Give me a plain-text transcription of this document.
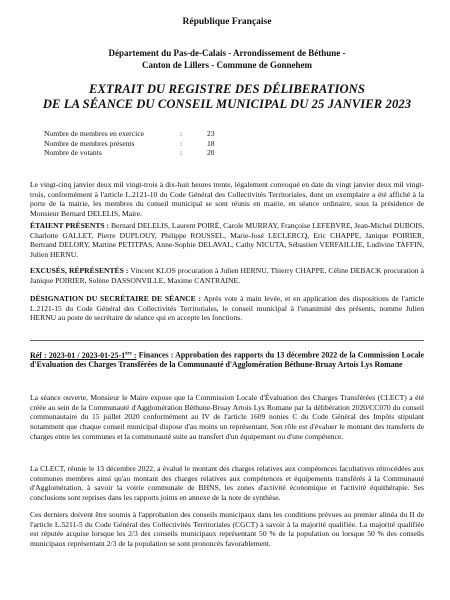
République Française
Département du Pas-de-Calais - Arrondissement de Béthune -
Canton de Lillers - Commune de Gonnehem
EXTRAIT DU REGISTRE DES DÉLIBERATIONS
DE LA SÉANCE DU CONSEIL MUNICIPAL DU 25 JANVIER 2023
Nombre de membres en exercice	:	23
Nombre de membres présents	:	18
Nombre de votants	:	20
Le vingt-cinq janvier deux mil vingt-trois à dix-huit heures trente, légalement convoqué en date du vingt janvier deux mil vingt-trois, conformément à l'article L.2121-10 du Code Général des Collectivités Territoriales, dont un exemplaire a été affiché à la porte de la mairie, les membres du conseil municipal se sont réunis en mairie, en séance ordinaire, sous la présidence de Monsieur Bernard DELELIS, Maire.
ÉTAIENT PRÉSENTS : Bernard DELELIS, Laurent POIRÉ, Carole MURRAY, Françoise LEFEBVRE, Jean-Michel DUBOIS, Charlotte GALLET, Pierre DUPLOUY, Philippe ROUSSEL, Marie-José LECLERCQ, Eric CHAPPE, Janique POIRIER, Bertrand DELORY, Martine PETITPAS, Anne-Sophie DELAVAL, Cathy NICUTA, Sébastien VERFAILLIE, Ludivine TAFFIN, Julien HERNU.
EXCUSÉS, RÉPRÉSENTÉS : Vincent KLOS procuration à Julien HERNU, Thierry CHAPPE, Céline DEBACK procuration à Janique POIRIER, Solène DASSONVILLE, Maxime CANTRAINE.
DÉSIGNATION DU SECRÉTAIRE DE SÉANCE : Après vote à main levée, et en application des dispositions de l'article L.2121-15 du Code Général des Collectivités Territoriales, le conseil municipal à l'unanimité des présents, nomme Julien HERNU au poste de secrétaire de séance qui en accepte les fonctions.
Réf : 2023-01 / 2023-01-25-1ère : Finances : Approbation des rapports du 13 décembre 2022 de la Commission Locale d'Evaluation des Charges Transférées de la Communauté d'Agglomération Béthune-Bruay Artois Lys Romane
La séance ouverte, Monsieur le Maire expose que la Commission Locale d'Évaluation des Charges Transférées (CLECT) a été créée au sein de la Communauté d'Agglomération Béthune-Bruay Artois Lys Romane par la délibération 2020/CC070 du conseil communautaire du 15 juillet 2020 conformément au IV de l'article 1609 nonies C du Code Général des Impôts stipulant notamment que chaque conseil municipal dispose d'au moins un représentant. Son rôle est d'évaluer le montant des transferts de charges entre les communes et la communauté suite au transfert d'un équipement ou d'une compétence.
La CLECT, réunie le 13 décembre 2022, a évalué le montant des charges relatives aux compétences facultatives rétrocédées aux communes membres ainsi qu'au montant des charges relatives aux compétences et équipements transférés à la Communauté d'Agglomération, à savoir la voirie communale de BHNS, les zones d'activité économique et l'activité équithérapie. Ses conclusions sont reprises dans les rapports joints en annexe de la note de synthèse.
Ces derniers doivent être soumis à l'approbation des conseils municipaux dans les conditions prévues au premier alinéa du II de l'article L.5211-5 du Code Général des Collectivités Territoriales (CGCT) à savoir à la majorité qualifiée. La majorité qualifiée est réputée acquise lorsque les 2/3 des conseils municipaux représentant 50 % de la population ou lorsque 50 % des conseils municipaux représentant 2/3 de la population se sont prononcés favorablement.
